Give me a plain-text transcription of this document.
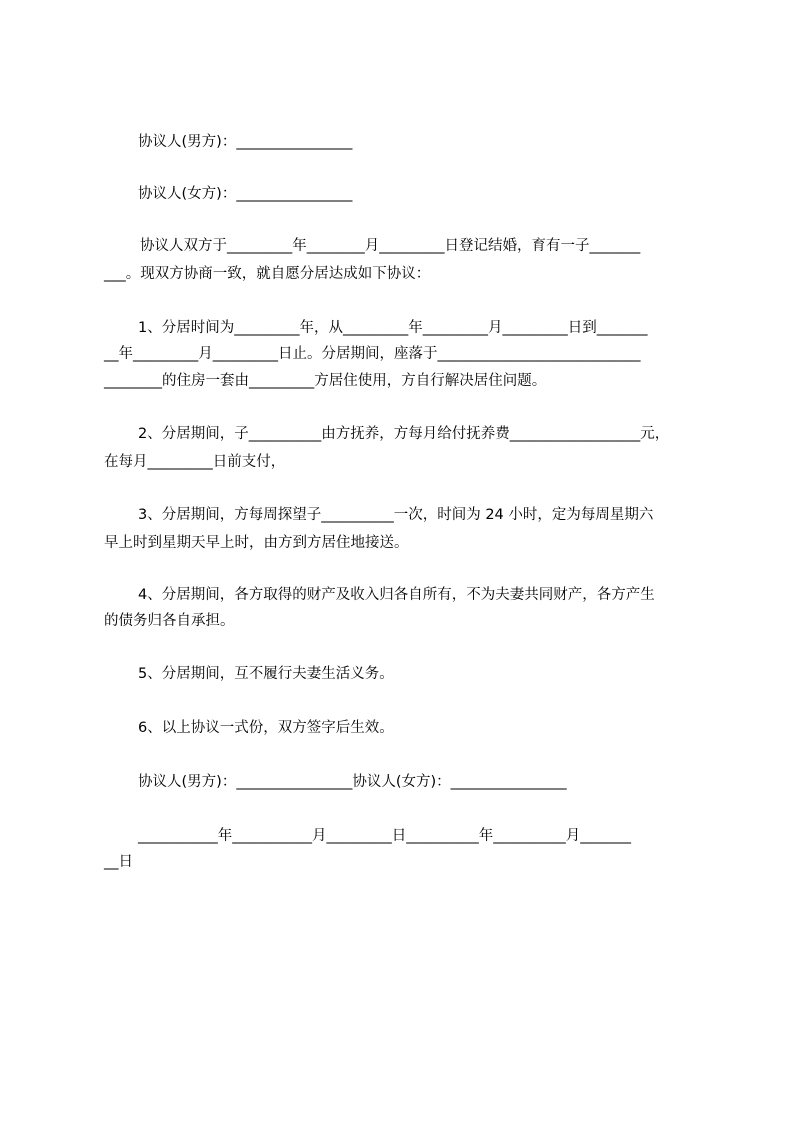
协议人(男方)：________________
协议人(女方)：________________
协议人双方于_________年________月_________日登记结婚，育有一子_______
___。现双方协商一致，就自愿分居达成如下协议：
1、分居时间为_________年，从_________年_________月_________日到_______
__年_________月_________日止。分居期间，座落于____________________________
________的住房一套由_________方居住使用，方自行解决居住问题。
2、分居期间，子__________由方抚养，方每月给付抚养费__________________元，
在每月_________日前支付，
3、分居期间，方每周探望子__________一次，时间为 24 小时，定为每周星期六
早上时到星期天早上时，由方到方居住地接送。
4、分居期间，各方取得的财产及收入归各自所有，不为夫妻共同财产，各方产生
的债务归各自承担。
5、分居期间，互不履行夫妻生活义务。
6、以上协议一式份，双方签字后生效。
协议人(男方)：________________协议人(女方)：________________
___________年___________月_________日__________年__________月_______
__日
